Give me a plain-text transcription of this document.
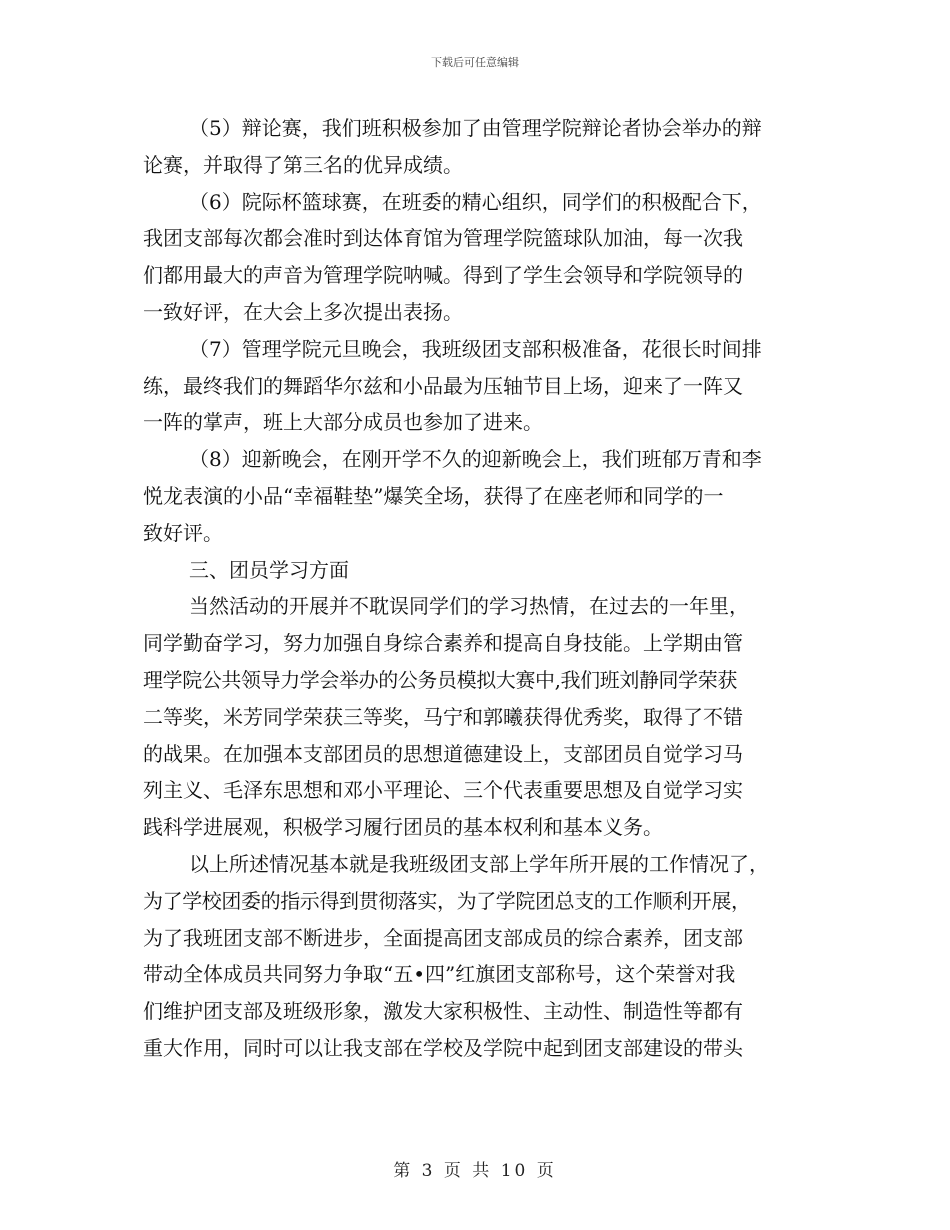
下载后可任意编辑
（5）辩论赛，我们班积极参加了由管理学院辩论者协会举办的辩
论赛，并取得了第三名的优异成绩。
（6）院际杯篮球赛，在班委的精心组织，同学们的积极配合下，
我团支部每次都会准时到达体育馆为管理学院篮球队加油，每一次我
们都用最大的声音为管理学院呐喊。得到了学生会领导和学院领导的
一致好评，在大会上多次提出表扬。
（7）管理学院元旦晚会，我班级团支部积极准备，花很长时间排
练，最终我们的舞蹈华尔兹和小品最为压轴节目上场，迎来了一阵又
一阵的掌声，班上大部分成员也参加了进来。
（8）迎新晚会，在刚开学不久的迎新晚会上，我们班郁万青和李
悦龙表演的小品“幸福鞋垫”爆笑全场，获得了在座老师和同学的一
致好评。
三、团员学习方面
当然活动的开展并不耽误同学们的学习热情，在过去的一年里，
同学勤奋学习，努力加强自身综合素养和提高自身技能。上学期由管
理学院公共领导力学会举办的公务员模拟大赛中,我们班刘静同学荣获
二等奖，米芳同学荣获三等奖，马宁和郭曦获得优秀奖，取得了不错
的战果。在加强本支部团员的思想道德建设上，支部团员自觉学习马
列主义、毛泽东思想和邓小平理论、三个代表重要思想及自觉学习实
践科学进展观，积极学习履行团员的基本权利和基本义务。
以上所述情况基本就是我班级团支部上学年所开展的工作情况了，
为了学校团委的指示得到贯彻落实，为了学院团总支的工作顺利开展，
为了我班团支部不断进步，全面提高团支部成员的综合素养，团支部
带动全体成员共同努力争取“五•四”红旗团支部称号，这个荣誉对我
们维护团支部及班级形象，激发大家积极性、主动性、制造性等都有
重大作用，同时可以让我支部在学校及学院中起到团支部建设的带头
第 3 页 共 10 页
